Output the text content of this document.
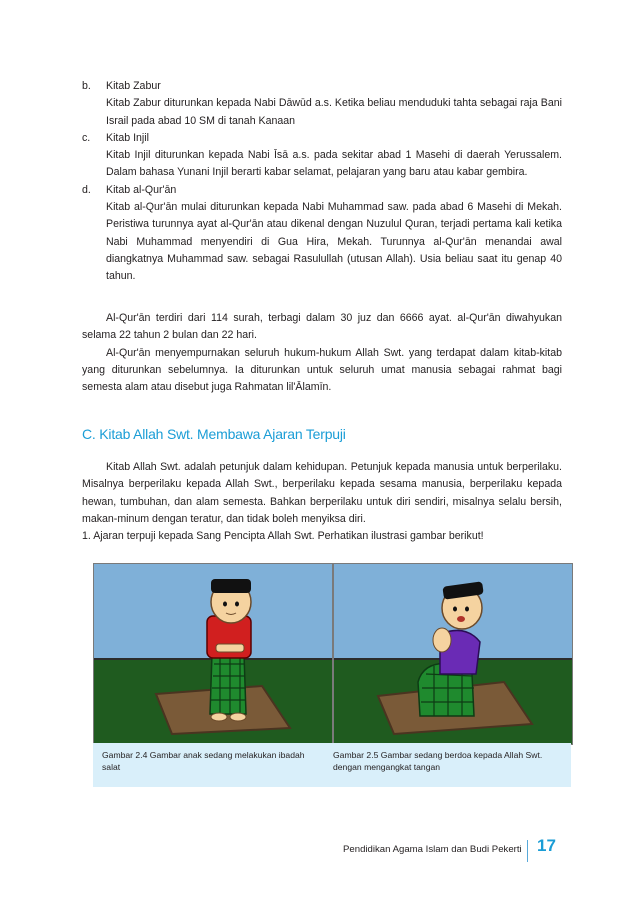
b. Kitab Zabur
Kitab Zabur diturunkan kepada Nabi Dāwūd a.s. Ketika beliau menduduki tahta sebagai raja Bani Israil pada abad 10 SM di tanah Kanaan
c. Kitab Injil
Kitab Injil diturunkan kepada Nabi Īsā a.s. pada sekitar abad 1 Masehi di daerah Yerussalem. Dalam bahasa Yunani Injil berarti kabar selamat, pelajaran yang baru atau kabar gembira.
d. Kitab al-Qur'ān
Kitab al-Qur'ān mulai diturunkan kepada Nabi Muhammad saw. pada abad 6 Masehi di Mekah. Peristiwa turunnya ayat al-Qur'ān atau dikenal dengan Nuzulul Quran, terjadi pertama kali ketika Nabi Muhammad menyendiri di Gua Hira, Mekah. Turunnya al-Qur'ān menandai awal diangkatnya Muhammad saw. sebagai Rasulullah (utusan Allah). Usia beliau saat itu genap 40 tahun.
Al-Qur'ān terdiri dari 114 surah, terbagi dalam 30 juz dan 6666 ayat. al-Qur'ān diwahyukan selama 22 tahun 2 bulan dan 22 hari.
Al-Qur'ān menyempurnakan seluruh hukum-hukum Allah Swt. yang terdapat dalam kitab-kitab yang diturunkan sebelumnya. Ia diturunkan untuk seluruh umat manusia sebagai rahmat bagi semesta alam atau disebut juga Rahmatan lil'Ālamīn.
C. Kitab Allah Swt. Membawa Ajaran Terpuji
Kitab Allah Swt. adalah petunjuk dalam kehidupan. Petunjuk kepada manusia untuk berperilaku. Misalnya berperilaku kepada Allah Swt., berperilaku kepada sesama manusia, berperilaku kepada hewan, tumbuhan, dan alam semesta. Bahkan berperilaku untuk diri sendiri, misalnya selalu bersih, makan-minum dengan teratur, dan tidak boleh menyiksa diri.
1. Ajaran terpuji kepada Sang Pencipta Allah Swt. Perhatikan ilustrasi gambar berikut!
Gambar 2.4 Gambar anak sedang melakukan ibadah
salat
Gambar 2.5 Gambar sedang berdoa kepada Allah Swt.
dengan mengangkat tangan
Pendidikan Agama Islam dan Budi Pekerti 17
